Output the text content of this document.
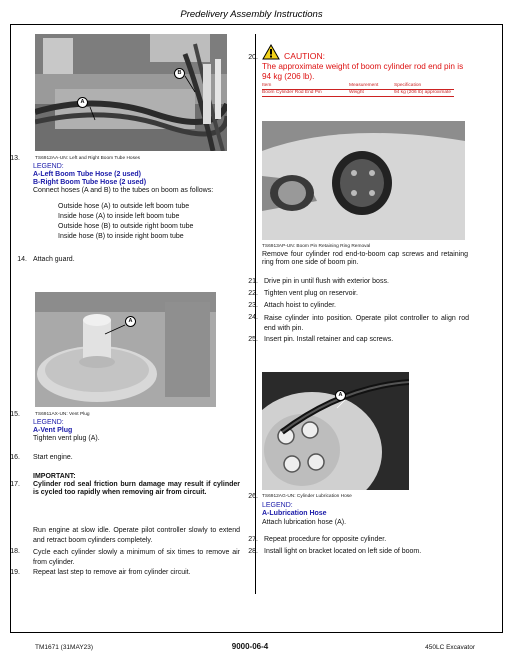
Predelivery Assembly Instructions
A
B
13.	TS6912AA-UN: Left and Right Boom Tube Hoses
LEGEND:
A-Left Boom Tube Hose (2 used)
B-Right Boom Tube Hose (2 used)
Connect hoses (A and B) to the tubes on boom as follows:
Outside hose (A) to outside left boom tube
Inside hose (A) to inside left boom tube
Outside hose (B) to outside right boom tube
Inside hose (B) to inside right boom tube
14. Attach guard.
A
15.	TS6911AX-UN: Vent Plug
LEGEND:
A-Vent Plug
Tighten vent plug (A).
16. Start engine.
IMPORTANT:
17. Cylinder rod seal friction burn damage may result if cylinder is cycled too rapidly when removing air from circuit.
Run engine at slow idle. Operate pilot controller slowly to extend and retract boom cylinders completely.
18. Cycle each cylinder slowly a minimum of six times to remove air from cylinder.
19. Repeat last step to remove air from cylinder circuit.
20.	CAUTION:
The approximate weight of boom cylinder rod end pin is 94 kg (206 lb).
Item	Measurement	Specification
Boom Cylinder Rod End Pin	Weight	94 kg (206 lb) approximate
TS6913AP-UN: Boom Pin Retaining Ring Removal
Remove four cylinder rod end-to-boom cap screws and retaining ring from one side of boom pin.
21. Drive pin in until flush with exterior boss.
22. Tighten vent plug on reservoir.
23. Attach hoist to cylinder.
24. Raise cylinder into position. Operate pilot controller to align rod end with pin.
25. Insert pin. Install retainer and cap screws.
A
26. TS6912AG-UN: Cylinder Lubrication Hose
LEGEND:
A-Lubrication Hose
Attach lubrication hose (A).
27. Repeat procedure for opposite cylinder.
28. Install light on bracket located on left side of boom.
TM1671 (31MAY23)	9000-06-4	450LC Excavator
